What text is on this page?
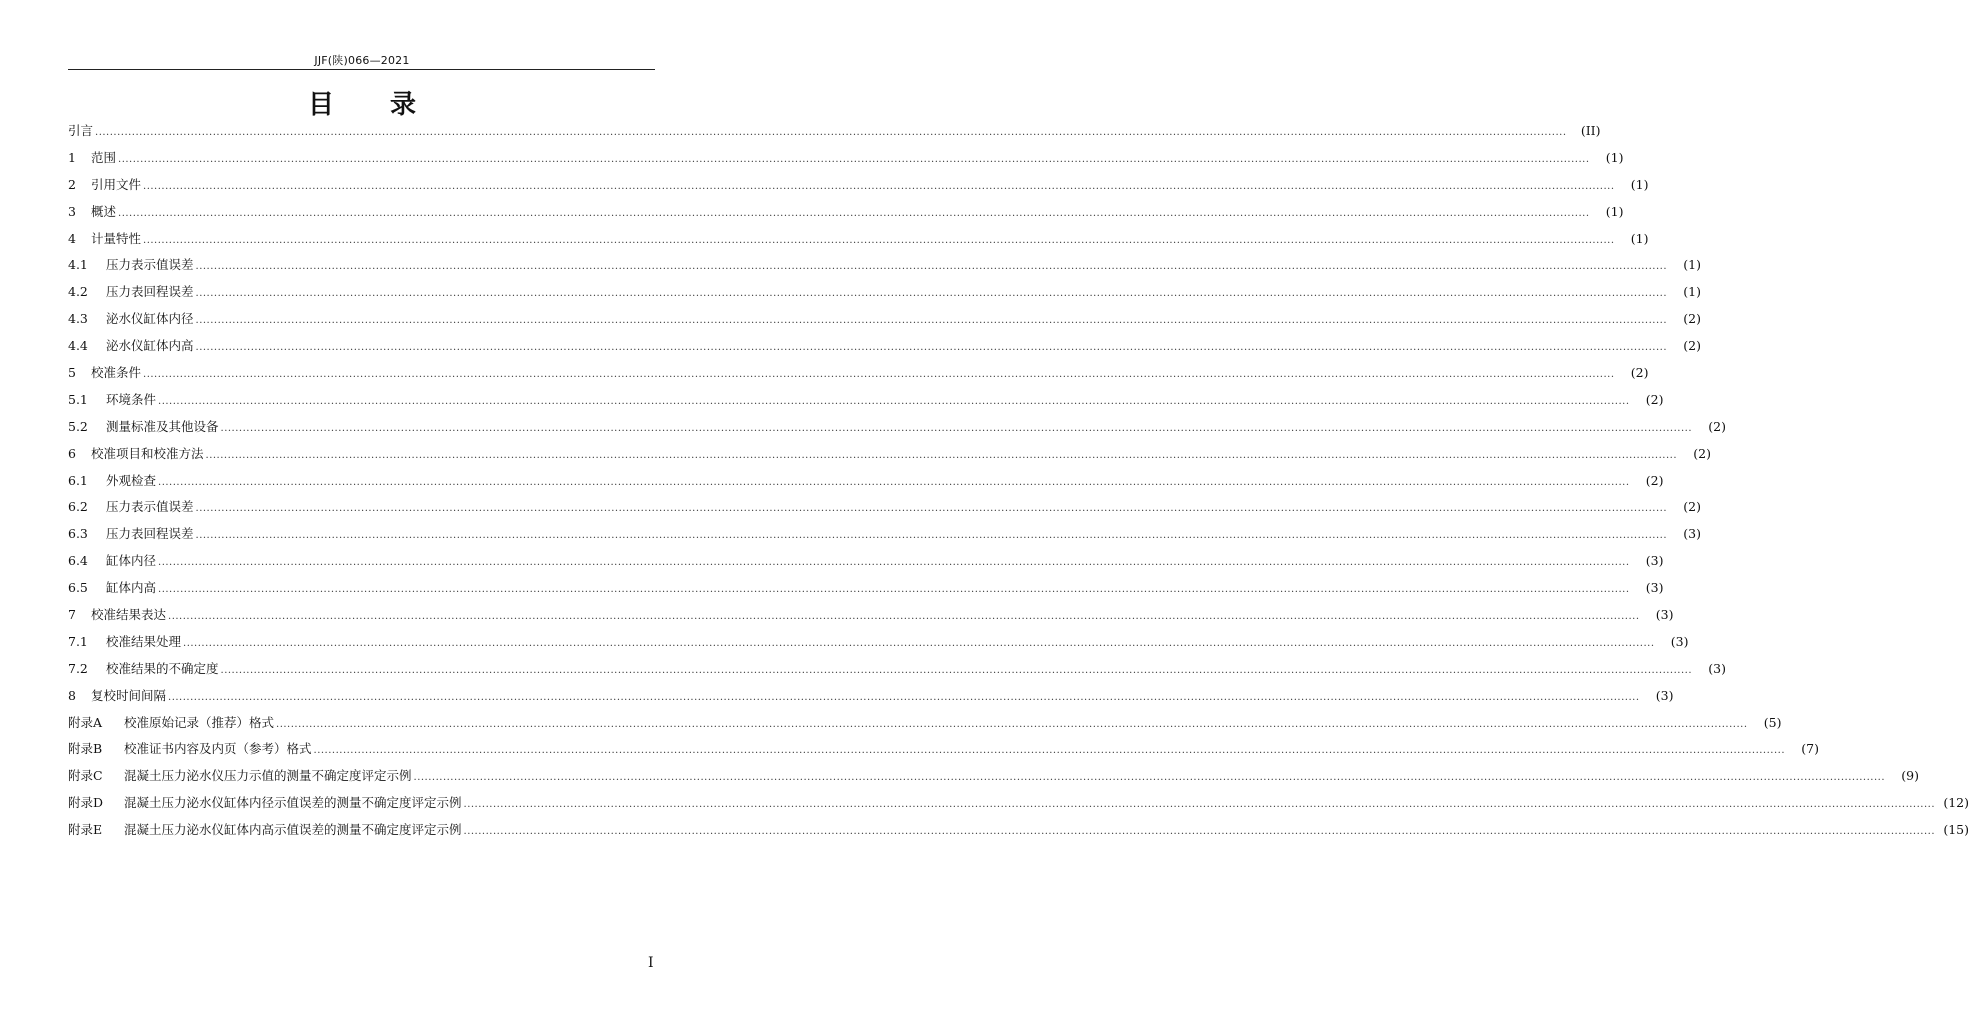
JJF(陕)066—2021
目 录
引言 ................................................................................................................................................................................................................................................................................................................................................................................................................	(II)
1	范围 ................................................................................................................................................................................................................................................................................................................................................................................................................	(1)
2	引用文件 ................................................................................................................................................................................................................................................................................................................................................................................................................	(1)
3	概述 ................................................................................................................................................................................................................................................................................................................................................................................................................	(1)
4	计量特性 ................................................................................................................................................................................................................................................................................................................................................................................................................	(1)
4.1	压力表示值误差 ................................................................................................................................................................................................................................................................................................................................................................................................................	(1)
4.2	压力表回程误差 ................................................................................................................................................................................................................................................................................................................................................................................................................	(1)
4.3	泌水仪缸体内径 ................................................................................................................................................................................................................................................................................................................................................................................................................	(2)
4.4	泌水仪缸体内高 ................................................................................................................................................................................................................................................................................................................................................................................................................	(2)
5	校准条件 ................................................................................................................................................................................................................................................................................................................................................................................................................	(2)
5.1	环境条件 ................................................................................................................................................................................................................................................................................................................................................................................................................	(2)
5.2	测量标准及其他设备 ................................................................................................................................................................................................................................................................................................................................................................................................................	(2)
6	校准项目和校准方法 ................................................................................................................................................................................................................................................................................................................................................................................................................	(2)
6.1	外观检查 ................................................................................................................................................................................................................................................................................................................................................................................................................	(2)
6.2	压力表示值误差 ................................................................................................................................................................................................................................................................................................................................................................................................................	(2)
6.3	压力表回程误差 ................................................................................................................................................................................................................................................................................................................................................................................................................	(3)
6.4	缸体内径 ................................................................................................................................................................................................................................................................................................................................................................................................................	(3)
6.5	缸体内高 ................................................................................................................................................................................................................................................................................................................................................................................................................	(3)
7	校准结果表达 ................................................................................................................................................................................................................................................................................................................................................................................................................	(3)
7.1	校准结果处理 ................................................................................................................................................................................................................................................................................................................................................................................................................	(3)
7.2	校准结果的不确定度 ................................................................................................................................................................................................................................................................................................................................................................................................................	(3)
8	复校时间间隔 ................................................................................................................................................................................................................................................................................................................................................................................................................	(3)
附录A	校准原始记录（推荐）格式 ................................................................................................................................................................................................................................................................................................................................................................................................................	(5)
附录B	校准证书内容及内页（参考）格式 ................................................................................................................................................................................................................................................................................................................................................................................................................	(7)
附录C	混凝土压力泌水仪压力示值的测量不确定度评定示例 ................................................................................................................................................................................................................................................................................................................................................................................................................	(9)
附录D	混凝土压力泌水仪缸体内径示值误差的测量不确定度评定示例 ................................................................................................................................................................................................................................................................................................................................................................................................................ (12)
附录E	混凝土压力泌水仪缸体内高示值误差的测量不确定度评定示例 ................................................................................................................................................................................................................................................................................................................................................................................................................ (15)
I
